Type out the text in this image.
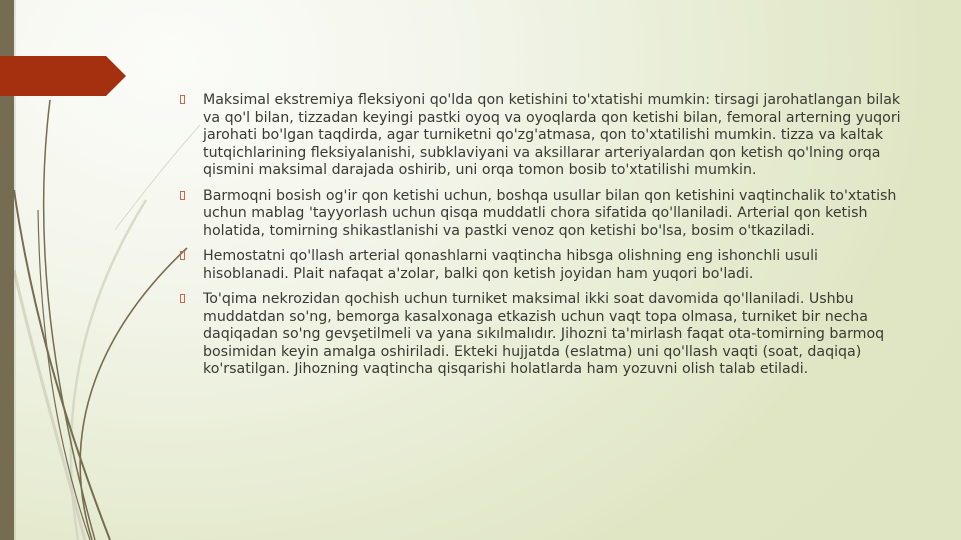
Maksimal ekstremiya fleksiyoni qo'lda qon ketishini to'xtatishi mumkin: tirsagi jarohatlangan bilak va qo'l bilan, tizzadan keyingi pastki oyoq va oyoqlarda qon ketishi bilan, femoral arterning yuqori jarohati bo'lgan taqdirda, agar turniketni qo'zg'atmasa, qon to'xtatilishi mumkin. tizza va kaltak tutqichlarining fleksiyalanishi, subklaviyani va aksillarar arteriyalardan qon ketish qo'lning orqa qismini maksimal darajada oshirib, uni orqa tomon bosib to'xtatilishi mumkin.
Barmoqni bosish og'ir qon ketishi uchun, boshqa usullar bilan qon ketishini vaqtinchalik to'xtatish uchun mablag 'tayyorlash uchun qisqa muddatli chora sifatida qo'llaniladi. Arterial qon ketish holatida, tomirning shikastlanishi va pastki venoz qon ketishi bo'lsa, bosim o'tkaziladi.
Hemostatni qo'llash arterial qonashlarni vaqtincha hibsga olishning eng ishonchli usuli hisoblanadi. Plait nafaqat a'zolar, balki qon ketish joyidan ham yuqori bo'ladi.
To'qima nekrozidan qochish uchun turniket maksimal ikki soat davomida qo'llaniladi. Ushbu muddatdan so'ng, bemorga kasalxonaga etkazish uchun vaqt topa olmasa, turniket bir necha daqiqadan so'ng gevşetilmeli va yana sıkılmalıdır. Jihozni ta'mirlash faqat ota-tomirning barmoq bosimidan keyin amalga oshiriladi. Ekteki hujjatda (eslatma) uni qo'llash vaqti (soat, daqiqa) ko'rsatilgan. Jihozning vaqtincha qisqarishi holatlarda ham yozuvni olish talab etiladi.
